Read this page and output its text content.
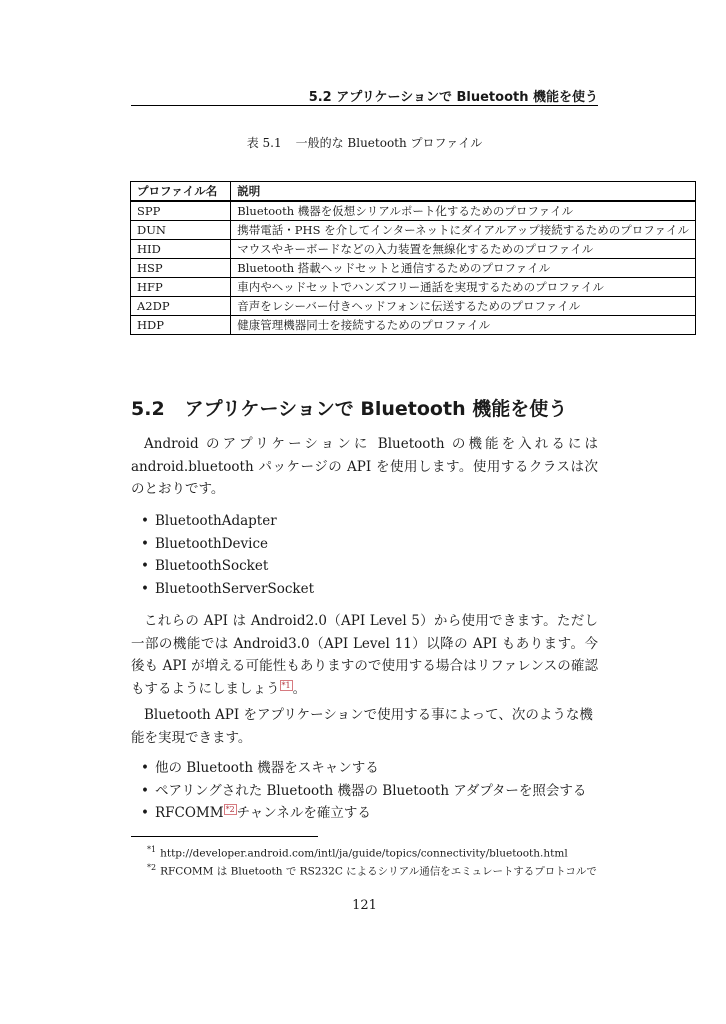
5.2 アプリケーションで Bluetooth 機能を使う
表 5.1 一般的な Bluetooth プロファイル
プロファイル名	説明
SPP	Bluetooth 機器を仮想シリアルポート化するためのプロファイル
DUN	携帯電話・PHS を介してインターネットにダイアルアップ接続するためのプロファイル
HID	マウスやキーボードなどの入力装置を無線化するためのプロファイル
HSP	Bluetooth 搭載ヘッドセットと通信するためのプロファイル
HFP	車内やヘッドセットでハンズフリー通話を実現するためのプロファイル
A2DP	音声をレシーバー付きヘッドフォンに伝送するためのプロファイル
HDP	健康管理機器同士を接続するためのプロファイル
5.2 アプリケーションで Bluetooth 機能を使う
Android のアプリケーションに Bluetooth の機能を入れるには android.bluetooth パッケージの API を使用します。使用するクラスは次のとおりです。
• BluetoothAdapter
• BluetoothDevice
• BluetoothSocket
• BluetoothServerSocket
これらの API は Android2.0（API Level 5）から使用できます。ただし一部の機能では Android3.0（API Level 11）以降の API もあります。今後も API が増える可能性もありますので使用する場合はリファレンスの確認もするようにしましょう $^{*1}$ 。
Bluetooth API をアプリケーションで使用する事によって、次のような機能を実現できます。
• 他の Bluetooth 機器をスキャンする
• ペアリングされた Bluetooth 機器の Bluetooth アダプターを照会する
• RFCOMM $^{*2}$ チャンネルを確立する
$^{*1}$ http://developer.android.com/intl/ja/guide/topics/connectivity/bluetooth.html
$^{*2}$ RFCOMM は Bluetooth で RS232C によるシリアル通信をエミュレートするプロトコルで
121
